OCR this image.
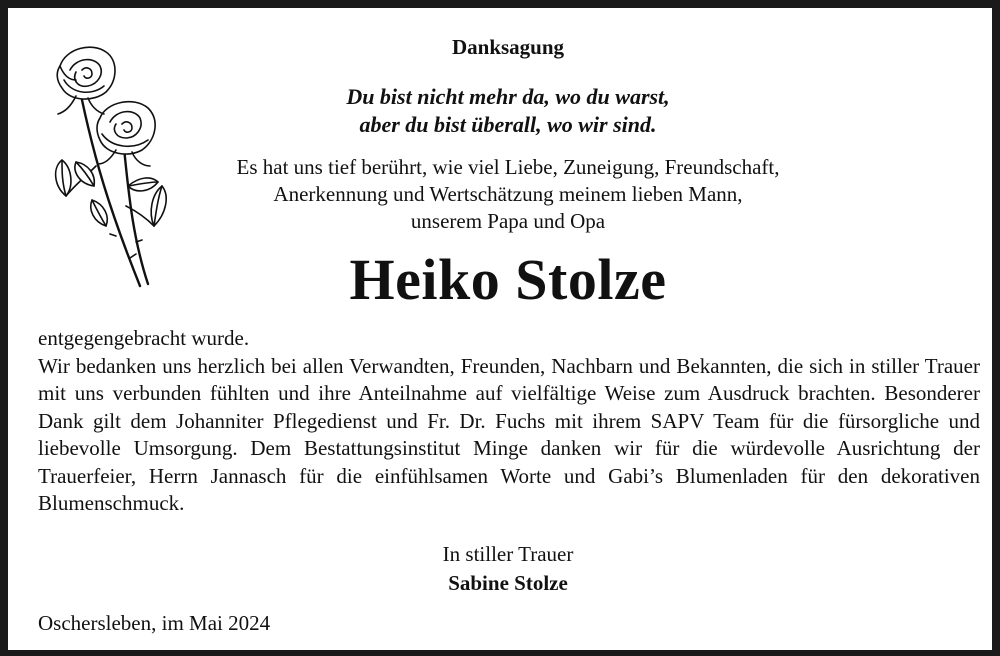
Danksagung
Du bist nicht mehr da, wo du warst,
aber du bist überall, wo wir sind.
Es hat uns tief berührt, wie viel Liebe, Zuneigung, Freundschaft,
Anerkennung und Wertschätzung meinem lieben Mann,
unserem Papa und Opa
Heiko Stolze

entgegengebracht wurde.

Wir bedanken uns herzlich bei allen Verwandten, Freunden, Nachbarn und Bekannten, die sich in stiller Trauer mit uns verbunden fühlten und ihre Anteilnahme auf vielfältige Weise zum Ausdruck brachten. Besonderer Dank gilt dem Johanniter Pflegedienst und Fr. Dr. Fuchs mit ihrem SAPV Team für die fürsorgliche und liebevolle Umsorgung. Dem Bestattungsinstitut Minge danken wir für die würdevolle Ausrichtung der Trauerfeier, Herrn Jannasch für die einfühlsamen Worte und Gabi’s Blumenladen für den dekorativen Blumenschmuck.

In stiller Trauer
Sabine Stolze
Oschersleben, im Mai 2024
